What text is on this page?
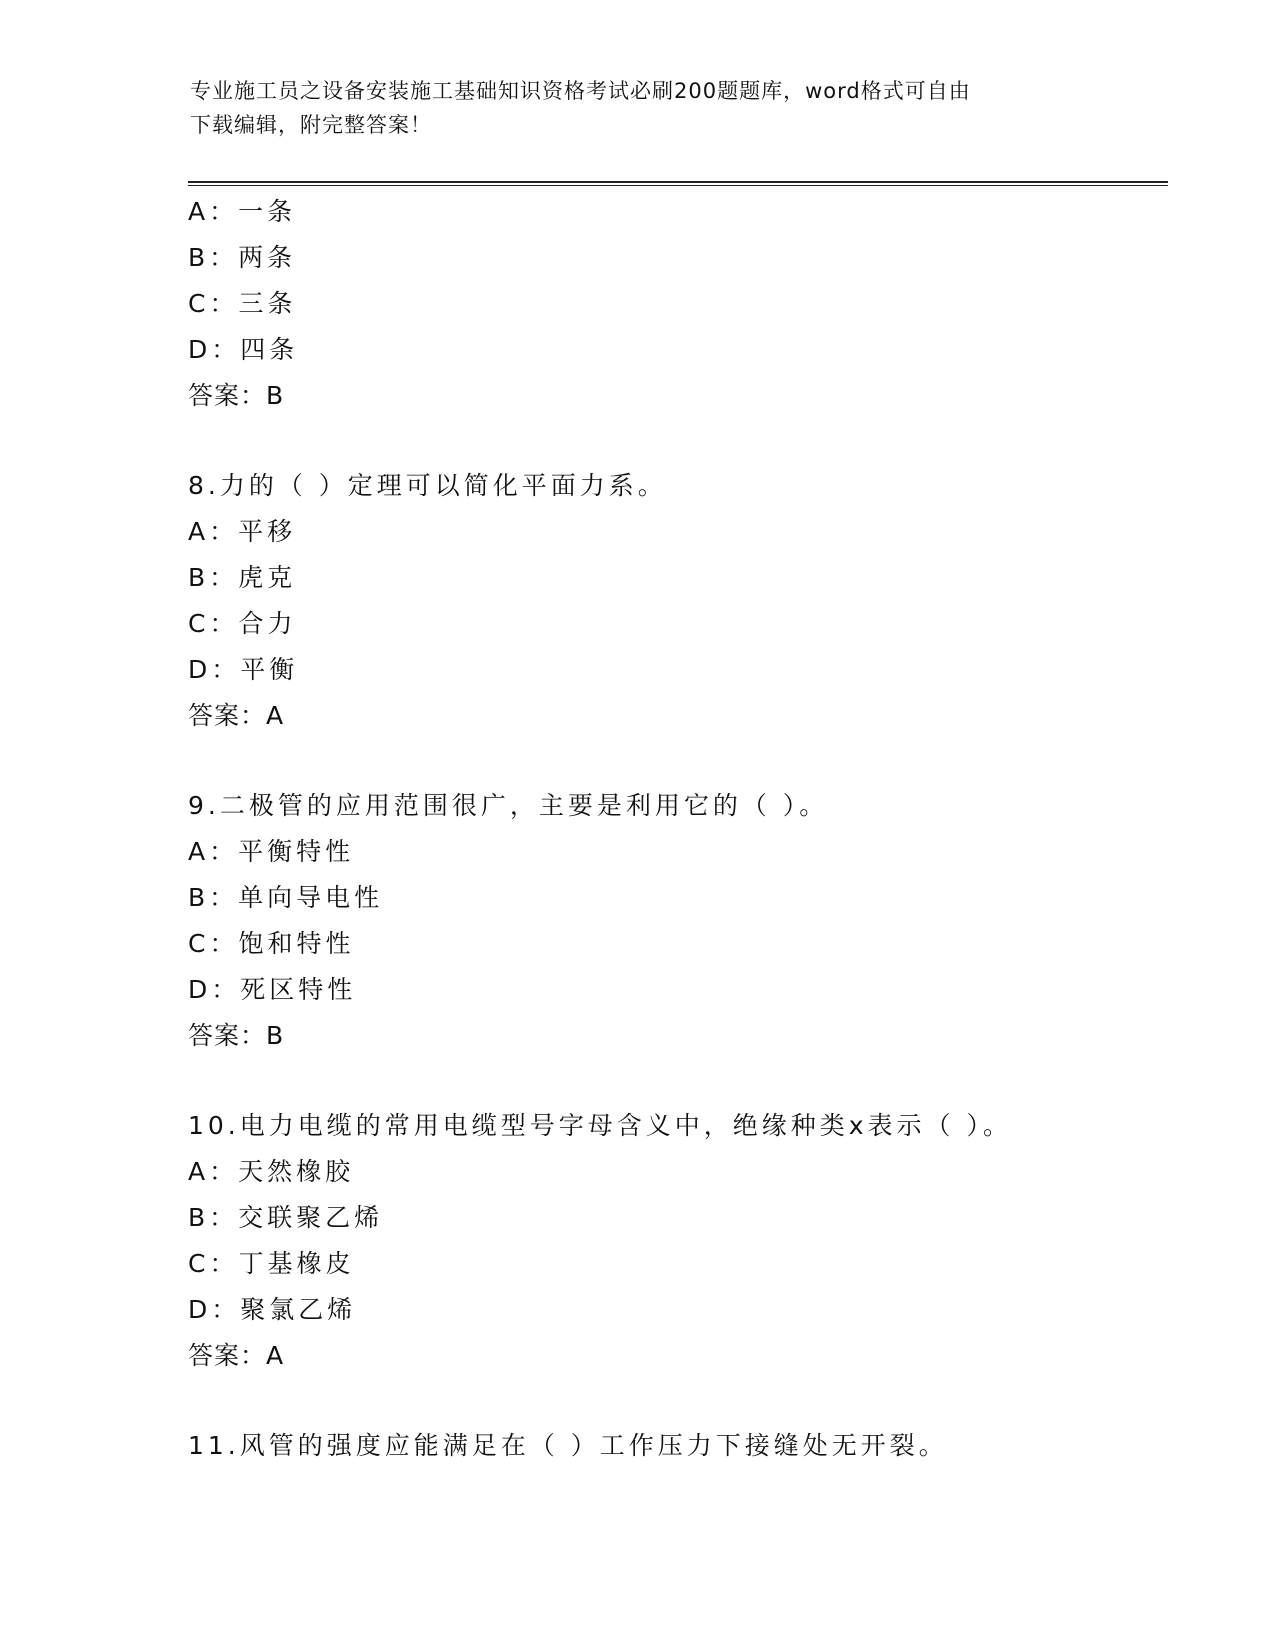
专业施工员之设备安装施工基础知识资格考试必刷200题题库，word格式可自由
下载编辑，附完整答案！
A：一条
B：两条
C：三条
D：四条
答案：B
8.力的（ ）定理可以简化平面力系。
A：平移
B：虎克
C：合力
D：平衡
答案：A
9.二极管的应用范围很广，主要是利用它的（ ）。
A：平衡特性
B：单向导电性
C：饱和特性
D：死区特性
答案：B
10.电力电缆的常用电缆型号字母含义中，绝缘种类x表示（ ）。
A：天然橡胶
B：交联聚乙烯
C：丁基橡皮
D：聚氯乙烯
答案：A
11.风管的强度应能满足在（ ）工作压力下接缝处无开裂。
